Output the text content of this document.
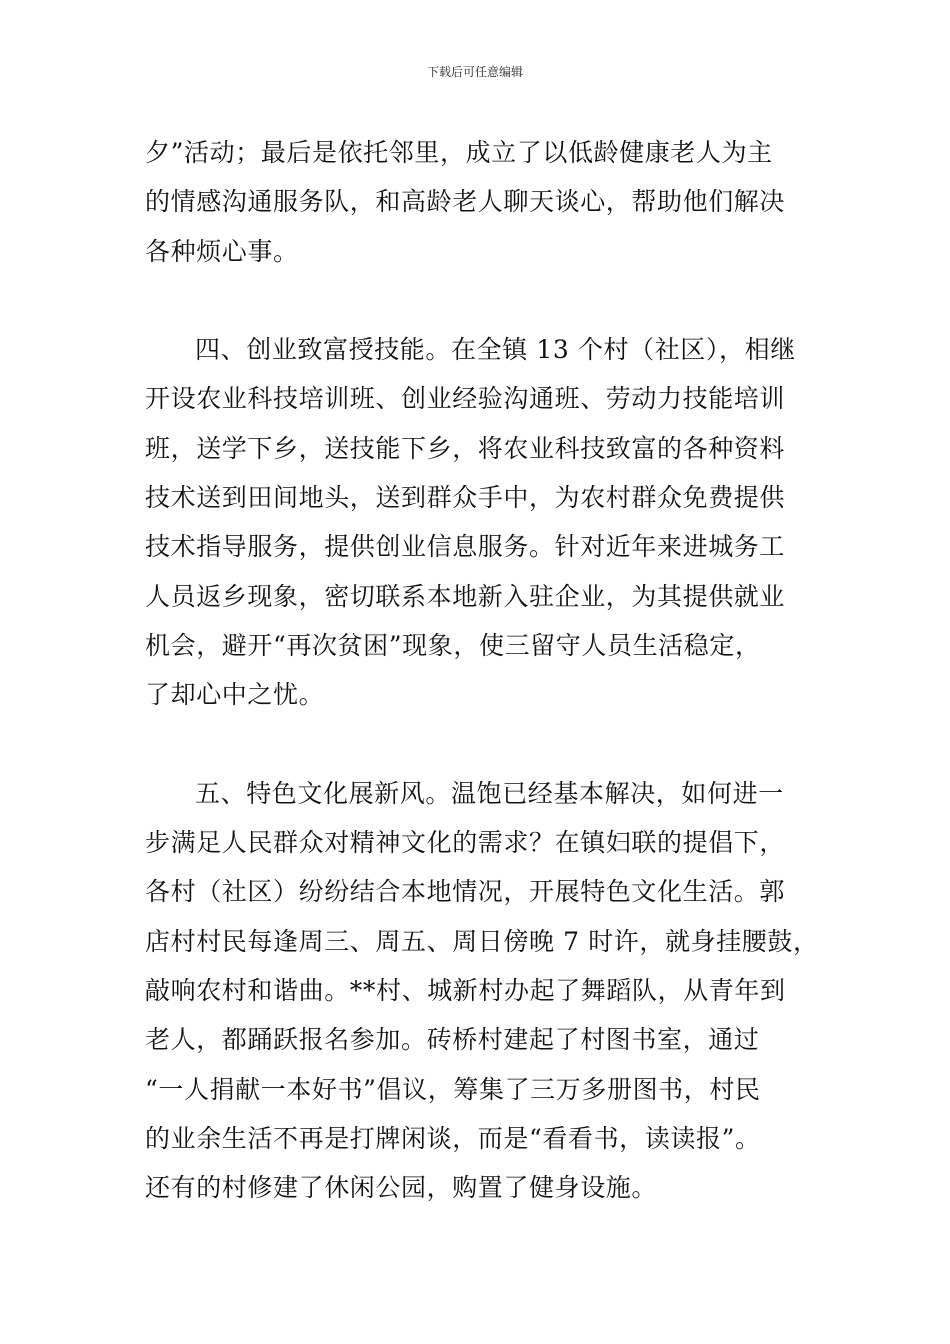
下载后可任意编辑
夕”活动；最后是依托邻里，成立了以低龄健康老人为主
的情感沟通服务队，和高龄老人聊天谈心，帮助他们解决
各种烦心事。
四、创业致富授技能。在全镇 13 个村（社区），相继
开设农业科技培训班、创业经验沟通班、劳动力技能培训
班，送学下乡，送技能下乡，将农业科技致富的各种资料
技术送到田间地头，送到群众手中，为农村群众免费提供
技术指导服务，提供创业信息服务。针对近年来进城务工
人员返乡现象，密切联系本地新入驻企业，为其提供就业
机会，避开“再次贫困”现象，使三留守人员生活稳定，
了却心中之忧。
五、特色文化展新风。温饱已经基本解决，如何进一
步满足人民群众对精神文化的需求？在镇妇联的提倡下，
各村（社区）纷纷结合本地情况，开展特色文化生活。郭
店村村民每逢周三、周五、周日傍晚 7 时许，就身挂腰鼓，
敲响农村和谐曲。**村、城新村办起了舞蹈队，从青年到
老人，都踊跃报名参加。砖桥村建起了村图书室，通过
“一人捐献一本好书”倡议，筹集了三万多册图书，村民
的业余生活不再是打牌闲谈，而是“看看书，读读报”。
还有的村修建了休闲公园，购置了健身设施。
